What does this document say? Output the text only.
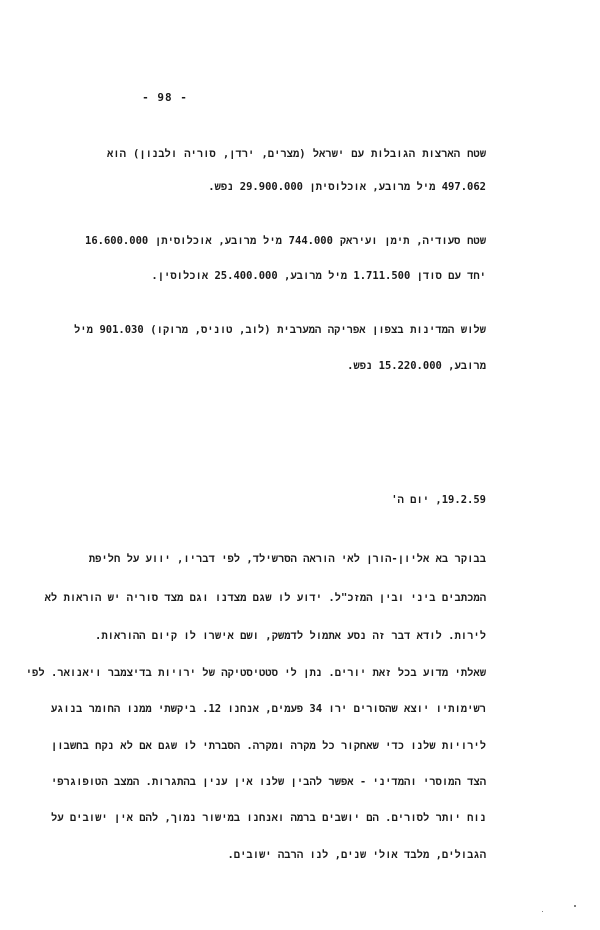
- 98 -
שטח הארצות הגובלות עם ישראל (מצרים, ירדן, סוריה ולבנון) הוא
497.062 מיל מרובע, אוכלוסיתן 29.900.000 נפש.
שטח סעודיה, תימן ועיראק 744.000 מיל מרובע, אוכלוסיתן 16.600.000
יחד עם סודן 1.711.500 מיל מרובע, 25.400.000 אוכלוסין.
שלוש המדינות בצפון אפריקה המערבית (לוב, טוניס, מרוקו) 901.030 מיל
מרובע, 15.220.000 נפש.
19.2.59, יום ה'
בבוקר בא אליון-הורן לאי הוראה הסרשילד, לפי דבריו, יווע על חליפת
המכתבים ביני ובין המזכ"ל. ידוע לו שגם מצדנו וגם מצד סוריה יש הוראות לא
לירות. לודא דבר זה נסע אתמול לדמשק, ושם אישרו לו קיום ההוראות.
שאלתי מדוע בכל זאת יורים. נתן לי סטטיסטיקה של ירויות בדיצמבר ויאנואר. לפי
רשימותיו יוצא שהסורים ירו 34 פעמים, אנחנו 12. ביקשתי ממנו החומר בנוגע
לירויות שלנו כדי שאחקור כל מקרה ומקרה. הסברתי לו שגם אם לא נקח בחשבון
הצד המוסרי והמדיני - אפשר להבין שלנו אין ענין בהתגרות. המצב הטופוגרפי
נוח יותר לסורים. הם יושבים ברמה ואנחנו במישור נמוך, להם אין ישובים על
הגבולים, מלבד אולי שנים, לנו הרבה ישובים.
